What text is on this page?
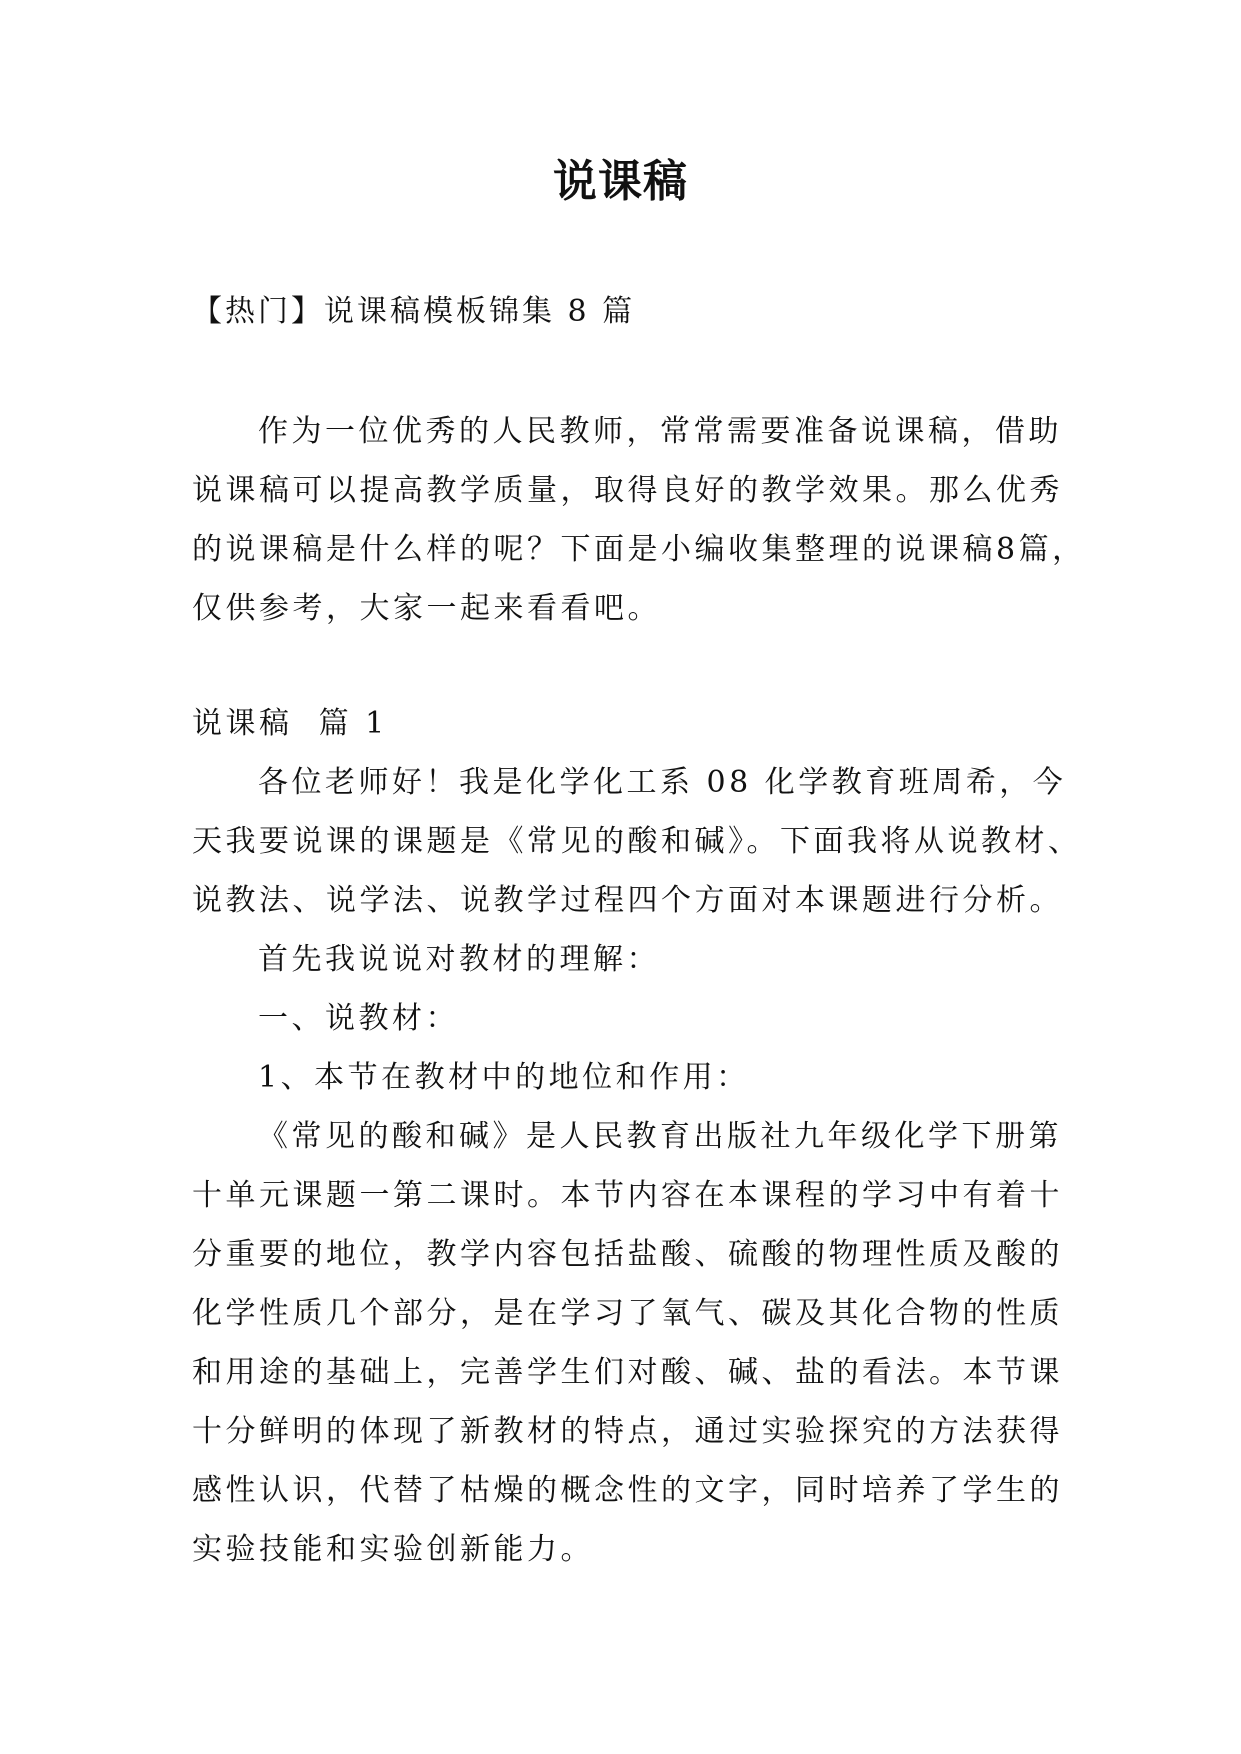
说课稿
【热门】说课稿模板锦集 8 篇
作为一位优秀的人民教师，常常需要准备说课稿，借助
说课稿可以提高教学质量，取得良好的教学效果。那么优秀
的说课稿是什么样的呢？下面是小编收集整理的说课稿8篇，
仅供参考，大家一起来看看吧。
说课稿  篇 1
各位老师好！我是化学化工系 08 化学教育班周希，今
天我要说课的课题是《常见的酸和碱》。下面我将从说教材、
说教法、说学法、说教学过程四个方面对本课题进行分析。
首先我说说对教材的理解：
一、说教材：
1、本节在教材中的地位和作用：
《常见的酸和碱》是人民教育出版社九年级化学下册第
十单元课题一第二课时。本节内容在本课程的学习中有着十
分重要的地位，教学内容包括盐酸、硫酸的物理性质及酸的
化学性质几个部分，是在学习了氧气、碳及其化合物的性质
和用途的基础上，完善学生们对酸、碱、盐的看法。本节课
十分鲜明的体现了新教材的特点，通过实验探究的方法获得
感性认识，代替了枯燥的概念性的文字，同时培养了学生的
实验技能和实验创新能力。
